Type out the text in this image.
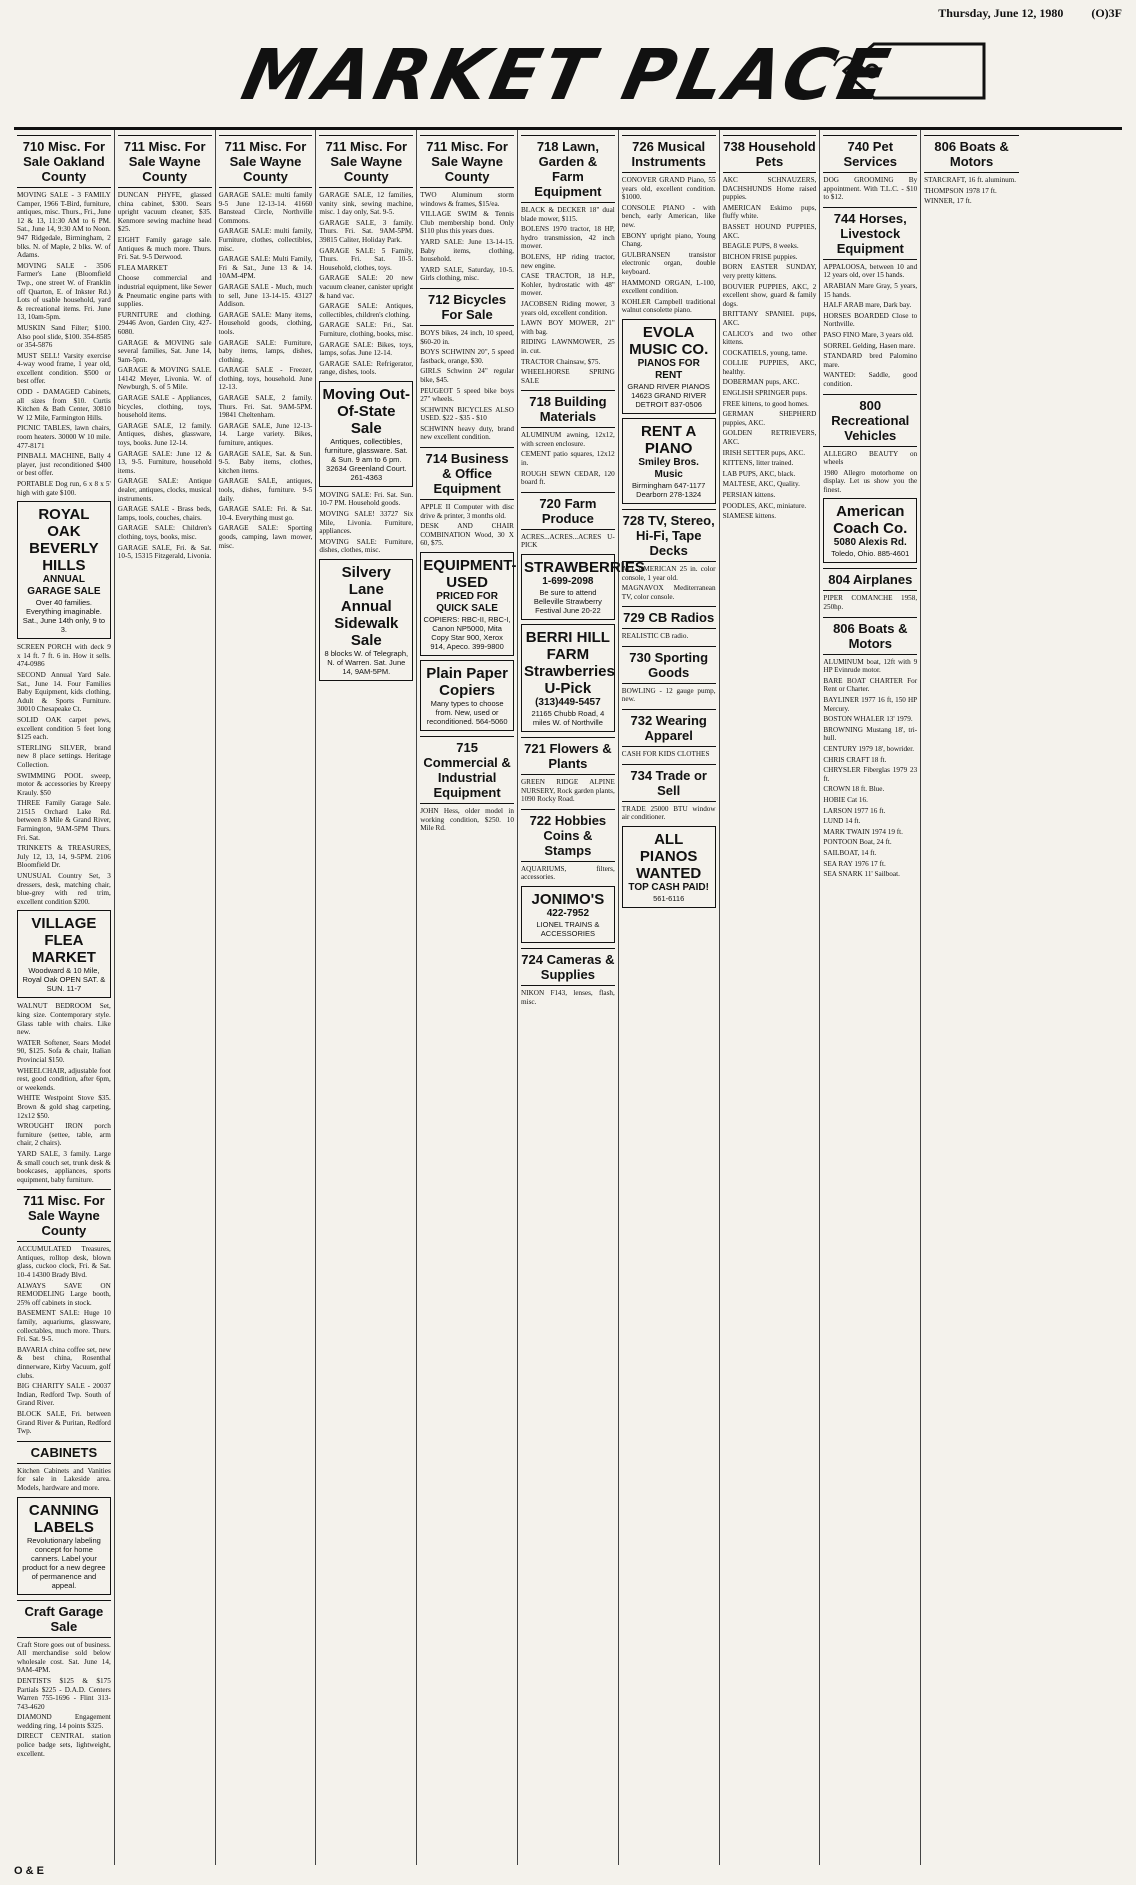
Thursday, June 12, 1980 (O)3F
MARKET PLACE
710 Misc. For Sale Oakland County

MOVING SALE - 3 FAMILY Camper, 1966 T-Bird, furniture, antiques, misc. Thurs., Fri., June 12 & 13, 11:30 AM to 6 PM. Sat., June 14, 9:30 AM to Noon. 947 Ridgedale, Birmingham, 2 blks. N. of Maple, 2 blks. W. of Adams.

MOVING SALE - 3506 Farmer's Lane (Bloomfield Twp., one street W. of Franklin off Quarton, E. of Inkster Rd.) Lots of usable household, yard & recreational items. Fri. June 13, 10am-5pm.

MUSKIN Sand Filter; $100. Also pool slide, $100. 354-8585 or 354-5876

MUST SELL! Varsity exercise 4-way wood frame, 1 year old, excellent condition. $500 or best offer.

ODD - DAMAGED Cabinets, all sizes from $10. Curtis Kitchen & Bath Center, 30810 W 12 Mile, Farmington Hills.

PICNIC TABLES, lawn chairs, room heaters. 30000 W 10 mile. 477-8171

PINBALL MACHINE, Bally 4 player, just reconditioned $400 or best offer.

PORTABLE Dog run, 6 x 8 x 5' high with gate $100.

ROYAL OAK BEVERLY HILLS
ANNUAL GARAGE SALE
Over 40 families. Everything imaginable. Sat., June 14th only, 9 to 3.

SCREEN PORCH with deck 9 x 14 ft. 7 ft. 6 in. How it sells. 474-0986

SECOND Annual Yard Sale. Sat., June 14. Four Families Baby Equipment, kids clothing, Adult & Sports Furniture. 30010 Chesapeake Ct.

SOLID OAK carpet pews, excellent condition 5 feet long $125 each.

STERLING SILVER, brand new 8 place settings. Heritage Collection.

SWIMMING POOL sweep, motor & accessories by Kreepy Krauly. $50

THREE Family Garage Sale. 21515 Orchard Lake Rd. between 8 Mile & Grand River, Farmington, 9AM-5PM Thurs. Fri. Sat.

TRINKETS & TREASURES, July 12, 13, 14, 9-5PM. 2106 Bloomfield Dr.

UNUSUAL Country Set, 3 dressers, desk, matching chair, blue-grey with red trim, excellent condition $200.

VILLAGE FLEA MARKET
Woodward & 10 Mile, Royal Oak OPEN SAT. & SUN. 11-7

WALNUT BEDROOM Set, king size. Contemporary style. Glass table with chairs. Like new.

WATER Softener, Sears Model 90, $125. Sofa & chair, Italian Provincial $150.

WHEELCHAIR, adjustable foot rest, good condition, after 6pm, or weekends.

WHITE Westpoint Stove $35. Brown & gold shag carpeting, 12x12 $50.

WROUGHT IRON porch furniture (settee, table, arm chair, 2 chairs).

YARD SALE, 3 family. Large & small couch set, trunk desk & bookcases, appliances, sports equipment, baby furniture.

711 Misc. For Sale Wayne County

ACCUMULATED Treasures, Antiques, rolltop desk, blown glass, cuckoo clock, Fri. & Sat. 10-4 14300 Brady Blvd.

ALWAYS SAVE ON REMODELING Large booth, 25% off cabinets in stock.

BASEMENT SALE: Huge 10 family, aquariums, glassware, collectables, much more. Thurs. Fri. Sat. 9-5.

BAVARIA china coffee set, new & best china, Rosenthal dinnerware, Kirby Vacuum, golf clubs.

BIG CHARITY SALE - 20037 Indian, Redford Twp. South of Grand River.

BLOCK SALE, Fri. between Grand River & Puritan, Redford Twp.

CABINETS

Kitchen Cabinets and Vanities for sale in Lakeside area. Models, hardware and more.

CANNING LABELS
Revolutionary labeling concept for home canners. Label your product for a new degree of permanence and appeal.
Craft Garage Sale

Craft Store goes out of business. All merchandise sold below wholesale cost. Sat. June 14, 9AM-4PM.

DENTISTS $125 & $175 Partials $225 - D.A.D. Centers Warren 755-1696 - Flint 313-743-4620

DIAMOND Engagement wedding ring, 14 points $325.

DIRECT CENTRAL station police badge sets, lightweight, excellent.

711 Misc. For Sale Wayne County

DUNCAN PHYFE, glassed china cabinet, $300. Sears upright vacuum cleaner, $35. Kenmore sewing machine head $25.

EIGHT Family garage sale. Antiques & much more. Thurs. Fri. Sat. 9-5 Derwood.

FLEA MARKET

Choose commercial and industrial equipment, like Sewer & Pneumatic engine parts with supplies.

FURNITURE and clothing. 29446 Avon, Garden City, 427-6080.

GARAGE & MOVING sale several families, Sat. June 14, 9am-5pm.

GARAGE & MOVING SALE. 14142 Meyer, Livonia. W. of Newburgh, S. of 5 Mile.

GARAGE SALE - Appliances, bicycles, clothing, toys, household items.

GARAGE SALE, 12 family. Antiques, dishes, glassware, toys, books. June 12-14.

GARAGE SALE: June 12 & 13, 9-5. Furniture, household items.

GARAGE SALE: Antique dealer, antiques, clocks, musical instruments.

GARAGE SALE - Brass beds, lamps, tools, couches, chairs.

GARAGE SALE: Children's clothing, toys, books, misc.

GARAGE SALE, Fri. & Sat. 10-5, 15315 Fitzgerald, Livonia.

711 Misc. For Sale Wayne County

GARAGE SALE: multi family 9-5 June 12-13-14. 41660 Banstead Circle, Northville Commons.

GARAGE SALE: multi family, Furniture, clothes, collectibles, misc.

GARAGE SALE: Multi Family, Fri & Sat., June 13 & 14. 10AM-4PM.

GARAGE SALE - Much, much to sell, June 13-14-15. 43127 Addison.

GARAGE SALE: Many items, Household goods, clothing, tools.

GARAGE SALE: Furniture, baby items, lamps, dishes, clothing.

GARAGE SALE - Freezer, clothing, toys, household. June 12-13.

GARAGE SALE, 2 family. Thurs. Fri. Sat. 9AM-5PM. 19841 Cheltenham.

GARAGE SALE, June 12-13-14. Large variety. Bikes, furniture, antiques.

GARAGE SALE, Sat. & Sun. 9-5. Baby items, clothes, kitchen items.

GARAGE SALE, antiques, tools, dishes, furniture. 9-5 daily.

GARAGE SALE: Fri. & Sat. 10-4. Everything must go.

GARAGE SALE: Sporting goods, camping, lawn mower, misc.

711 Misc. For Sale Wayne County

GARAGE SALE, 12 families, vanity sink, sewing machine, misc. 1 day only, Sat. 9-5.

GARAGE SALE, 3 family. Thurs. Fri. Sat. 9AM-5PM. 39815 Caliter, Holiday Park.

GARAGE SALE: 5 Family, Thurs. Fri. Sat. 10-5. Household, clothes, toys.

GARAGE SALE: 20 new vacuum cleaner, canister upright & hand vac.

GARAGE SALE: Antiques, collectibles, children's clothing.

GARAGE SALE: Fri., Sat. Furniture, clothing, books, misc.

GARAGE SALE: Bikes, toys, lamps, sofas. June 12-14.

GARAGE SALE: Refrigerator, range, dishes, tools.

Moving Out-Of-State Sale
Antiques, collectibles, furniture, glassware. Sat. & Sun. 9 am to 6 pm. 32634 Greenland Court. 261-4363

MOVING SALE: Fri. Sat. Sun. 10-7 PM. Household goods.

MOVING SALE! 33727 Six Mile, Livonia. Furniture, appliances.

MOVING SALE: Furniture, dishes, clothes, misc.

Silvery Lane Annual Sidewalk Sale
8 blocks W. of Telegraph, N. of Warren. Sat. June 14, 9AM-5PM.
711 Misc. For Sale Wayne County

TWO Aluminum storm windows & frames, $15/ea.

VILLAGE SWIM & Tennis Club membership bond. Only $110 plus this years dues.

YARD SALE: June 13-14-15. Baby items, clothing, household.

YARD SALE, Saturday, 10-5. Girls clothing, misc.

712 Bicycles For Sale

BOYS bikes, 24 inch, 10 speed, $60-20 in.

BOYS SCHWINN 20", 5 speed fastback, orange, $30.

GIRLS Schwinn 24" regular bike, $45.

PEUGEOT 5 speed bike boys 27" wheels.

SCHWINN BICYCLES ALSO USED. $22 - $35 - $10

SCHWINN heavy duty, brand new excellent condition.

714 Business & Office Equipment

APPLE II Computer with disc drive & printer, 3 months old.

DESK AND CHAIR COMBINATION Wood, 30 X 60, $75.

EQUIPMENT-USED
PRICED FOR QUICK SALE
COPIERS: RBC-II, RBC-I, Canon NP5000, Mita Copy Star 900, Xerox 914, Apeco. 399-9800
Plain Paper Copiers
Many types to choose from. New, used or reconditioned. 564-5060
715 Commercial & Industrial Equipment

JOHN Hess, older model in working condition, $250. 10 Mile Rd.

718 Lawn, Garden & Farm Equipment

BLACK & DECKER 18" dual blade mower, $115.

BOLENS 1970 tractor, 18 HP, hydro transmission, 42 inch mower.

BOLENS, HP riding tractor, new engine.

CASE TRACTOR, 18 H.P., Kohler, hydrostatic with 48" mower.

JACOBSEN Riding mower, 3 years old, excellent condition.

LAWN BOY MOWER, 21" with bag.

RIDING LAWNMOWER, 25 in. cut.

TRACTOR Chainsaw, $75.

WHEELHORSE SPRING SALE

718 Building Materials

ALUMINUM awning, 12x12, with screen enclosure.

CEMENT patio squares, 12x12 in.

ROUGH SEWN CEDAR, 120 board ft.

720 Farm Produce

ACRES...ACRES...ACRES U-PICK

STRAWBERRIES
1-699-2098
Be sure to attend Belleville Strawberry Festival June 20-22
BERRI HILL FARM Strawberries U-Pick
(313)449-5457
21165 Chubb Road, 4 miles W. of Northville
721 Flowers & Plants

GREEN RIDGE ALPINE NURSERY, Rock garden plants, 1090 Rocky Road.

722 Hobbies Coins & Stamps

AQUARIUMS, filters, accessories.

JONIMO'S
422-7952
LIONEL TRAINS & ACCESSORIES
724 Cameras & Supplies

NIKON F143, lenses, flash, misc.

726 Musical Instruments

CONOVER GRAND Piano, 55 years old, excellent condition. $1000.

CONSOLE PIANO - with bench, early American, like new.

EBONY upright piano, Young Chang.

GULBRANSEN transistor electronic organ, double keyboard.

HAMMOND ORGAN, L-100, excellent condition.

KOHLER Campbell traditional walnut consolette piano.

EVOLA MUSIC CO.
PIANOS FOR RENT
GRAND RIVER PIANOS 14623 GRAND RIVER DETROIT 837-0506
RENT A PIANO
Smiley Bros. Music
Birmingham 647-1177 Dearborn 278-1324
728 TV, Stereo, Hi-Fi, Tape Decks

ALL-AMERICAN 25 in. color console, 1 year old.

MAGNAVOX Mediterranean TV, color console.

729 CB Radios

REALISTIC CB radio.

730 Sporting Goods

BOWLING - 12 gauge pump, new.

732 Wearing Apparel

CASH FOR KIDS CLOTHES

734 Trade or Sell

TRADE 25000 BTU window air conditioner.

ALL PIANOS WANTED
TOP CASH PAID!
561-6116
738 Household Pets

AKC SCHNAUZERS, DACHSHUNDS Home raised puppies.

AMERICAN Eskimo pups, fluffy white.

BASSET HOUND PUPPIES, AKC.

BEAGLE PUPS, 8 weeks.

BICHON FRISE puppies.

BORN EASTER SUNDAY, very pretty kittens.

BOUVIER PUPPIES, AKC, 2 excellent show, guard & family dogs.

BRITTANY SPANIEL pups, AKC.

CALICO's and two other kittens.

COCKATIELS, young, tame.

COLLIE PUPPIES, AKC, healthy.

DOBERMAN pups, AKC.

ENGLISH SPRINGER pups.

FREE kittens, to good homes.

GERMAN SHEPHERD puppies, AKC.

GOLDEN RETRIEVERS, AKC.

IRISH SETTER pups, AKC.

KITTENS, litter trained.

LAB PUPS, AKC, black.

MALTESE, AKC, Quality.

PERSIAN kittens.

POODLES, AKC, miniature.

SIAMESE kittens.

740 Pet Services

DOG GROOMING By appointment. With T.L.C. - $10 to $12.

744 Horses, Livestock Equipment

APPALOOSA, between 10 and 12 years old, over 15 hands.

ARABIAN Mare Gray, 5 years, 15 hands.

HALF ARAB mare, Dark bay.

HORSES BOARDED Close to Northville.

PASO FINO Mare, 3 years old.

SORREL Gelding, Hasen mare.

STANDARD bred Palomino mare.

WANTED: Saddle, good condition.

800 Recreational Vehicles

ALLEGRO BEAUTY on wheels

1980 Allegro motorhome on display. Let us show you the finest.

American Coach Co.
5080 Alexis Rd.
Toledo, Ohio. 885-4601
804 Airplanes

PIPER COMANCHE 1958, 250hp.

806 Boats & Motors

ALUMINUM boat, 12ft with 9 HP Evinrude motor.

BARE BOAT CHARTER For Rent or Charter.

BAYLINER 1977 16 ft, 150 HP Mercury.

BOSTON WHALER 13' 1979.

BROWNING Mustang 18', tri-hull.

CENTURY 1979 18', bowrider.

CHRIS CRAFT 18 ft.

CHRYSLER Fiberglas 1979 23 ft.

CROWN 18 ft. Blue.

HOBIE Cat 16.

LARSON 1977 16 ft.

LUND 14 ft.

MARK TWAIN 1974 19 ft.

PONTOON Boat, 24 ft.

SAILBOAT, 14 ft.

SEA RAY 1976 17 ft.

SEA SNARK 11' Sailboat.

806 Boats & Motors

STARCRAFT, 16 ft. aluminum.

THOMPSON 1978 17 ft.

WINNER, 17 ft.

O & E
